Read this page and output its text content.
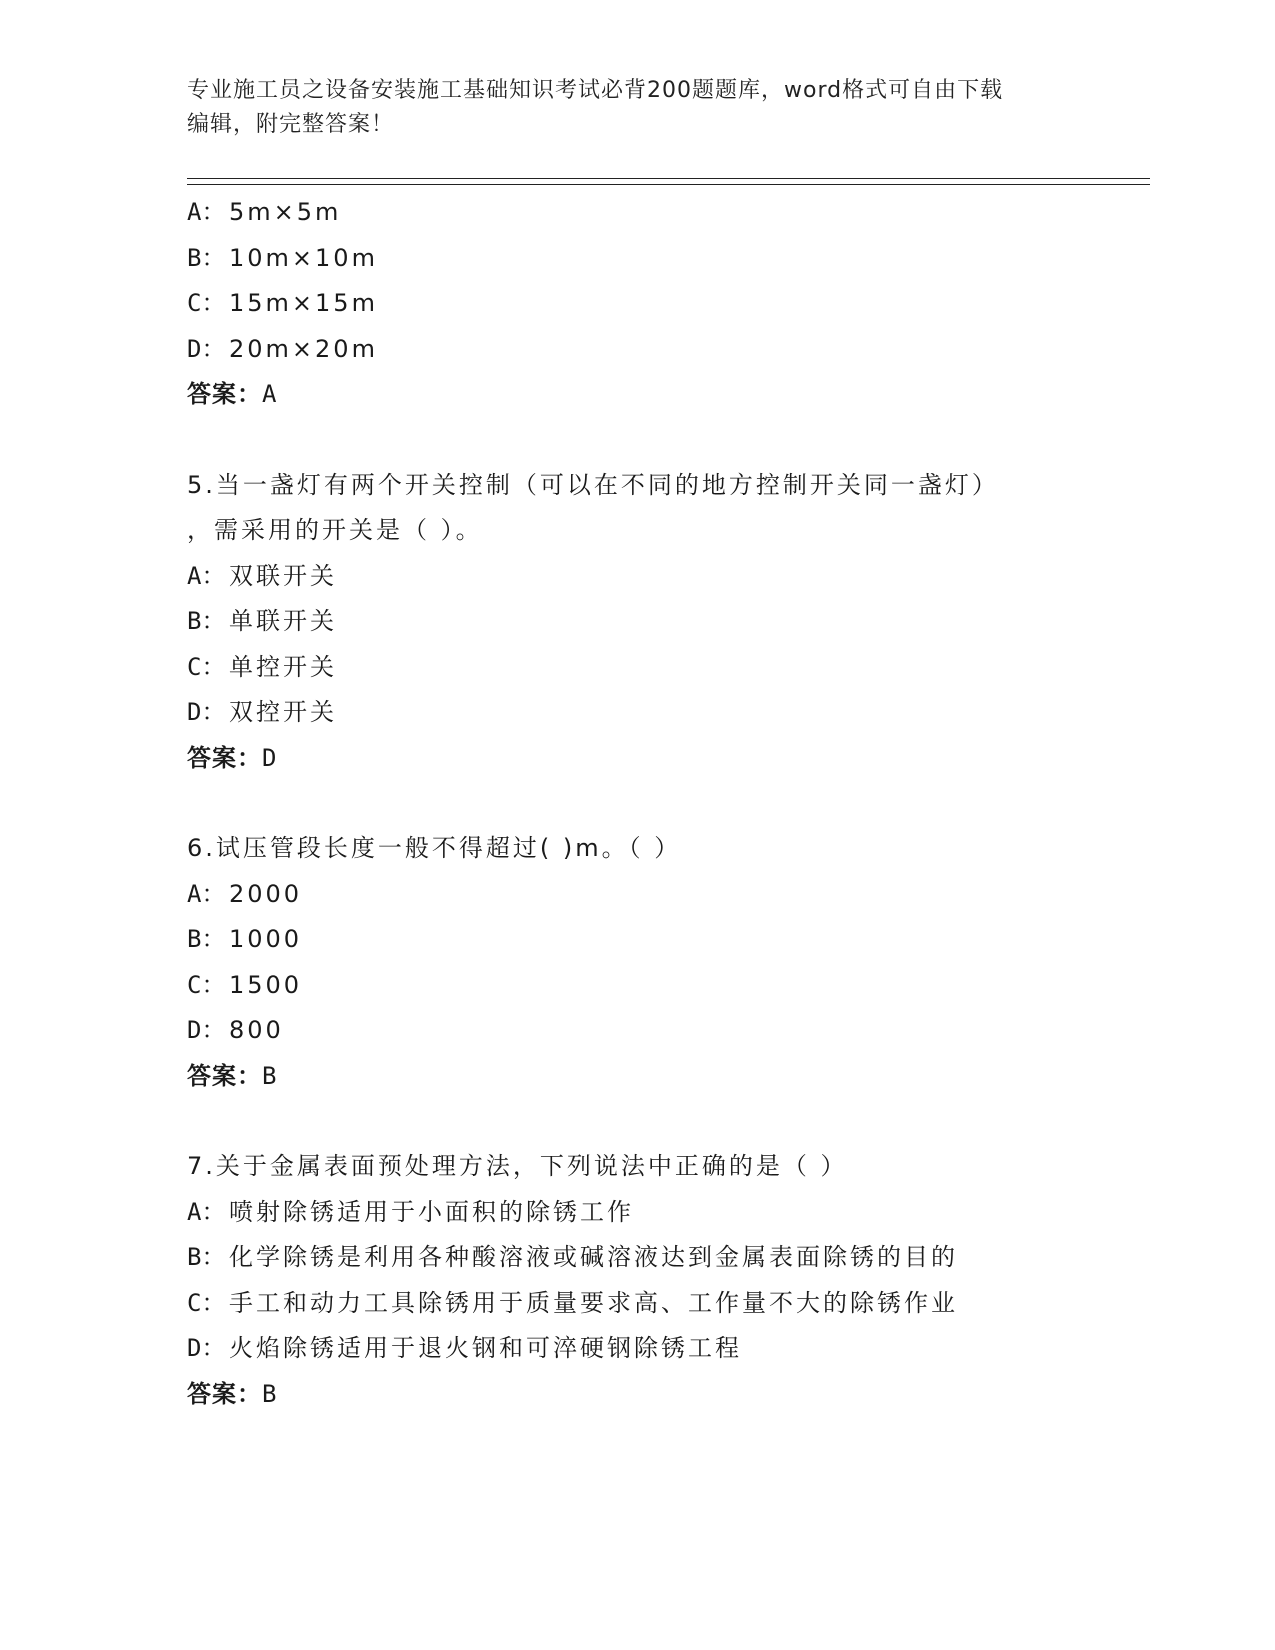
专业施工员之设备安装施工基础知识考试必背200题题库，word格式可自由下载
编辑，附完整答案！
A： 5m×5m
B： 10m×10m
C： 15m×15m
D： 20m×20m
答案：A
5.当一盏灯有两个开关控制（可以在不同的地方控制开关同一盏灯）
，需采用的开关是（ ）。
A： 双联开关
B： 单联开关
C： 单控开关
D： 双控开关
答案：D
6.试压管段长度一般不得超过( )m。（ ）
A： 2000
B： 1000
C： 1500
D： 800
答案：B
7.关于金属表面预处理方法，下列说法中正确的是（ ）
A： 喷射除锈适用于小面积的除锈工作
B： 化学除锈是利用各种酸溶液或碱溶液达到金属表面除锈的目的
C： 手工和动力工具除锈用于质量要求高、工作量不大的除锈作业
D： 火焰除锈适用于退火钢和可淬硬钢除锈工程
答案：B
